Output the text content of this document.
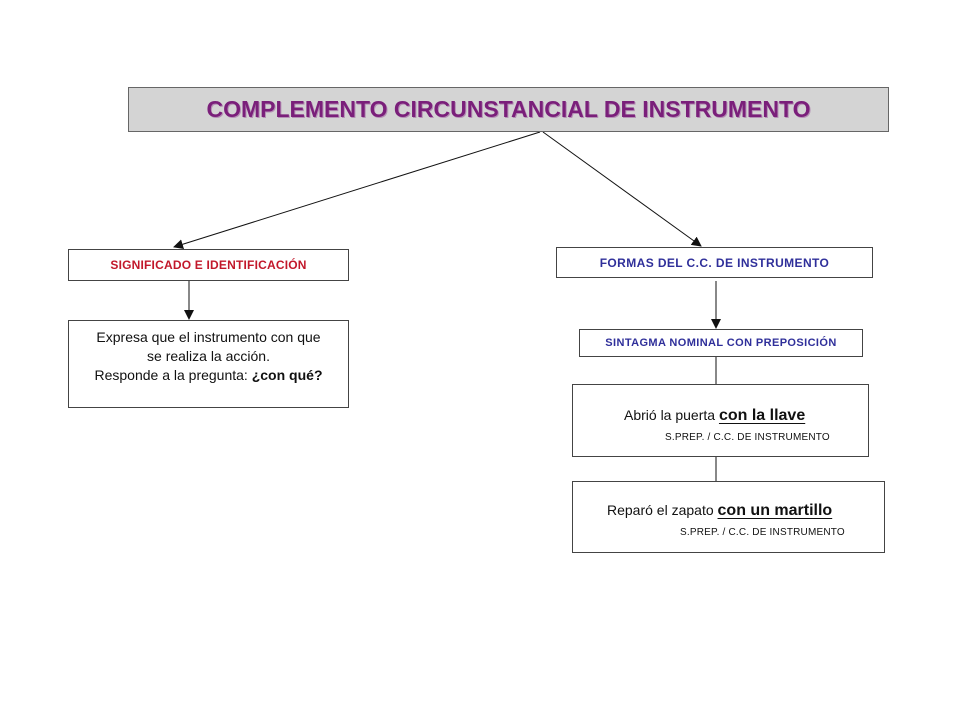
COMPLEMENTO CIRCUNSTANCIAL DE INSTRUMENTO
SIGNIFICADO E IDENTIFICACIÓN
Expresa que el instrumento con que
se realiza la acción.
Responde a la pregunta: ¿con qué?
FORMAS DEL C.C. DE INSTRUMENTO
SINTAGMA NOMINAL CON PREPOSICIÓN
Abrió la puerta con la llave
S.PREP. / C.C. DE INSTRUMENTO
Reparó el zapato con un martillo
S.PREP. / C.C. DE INSTRUMENTO
